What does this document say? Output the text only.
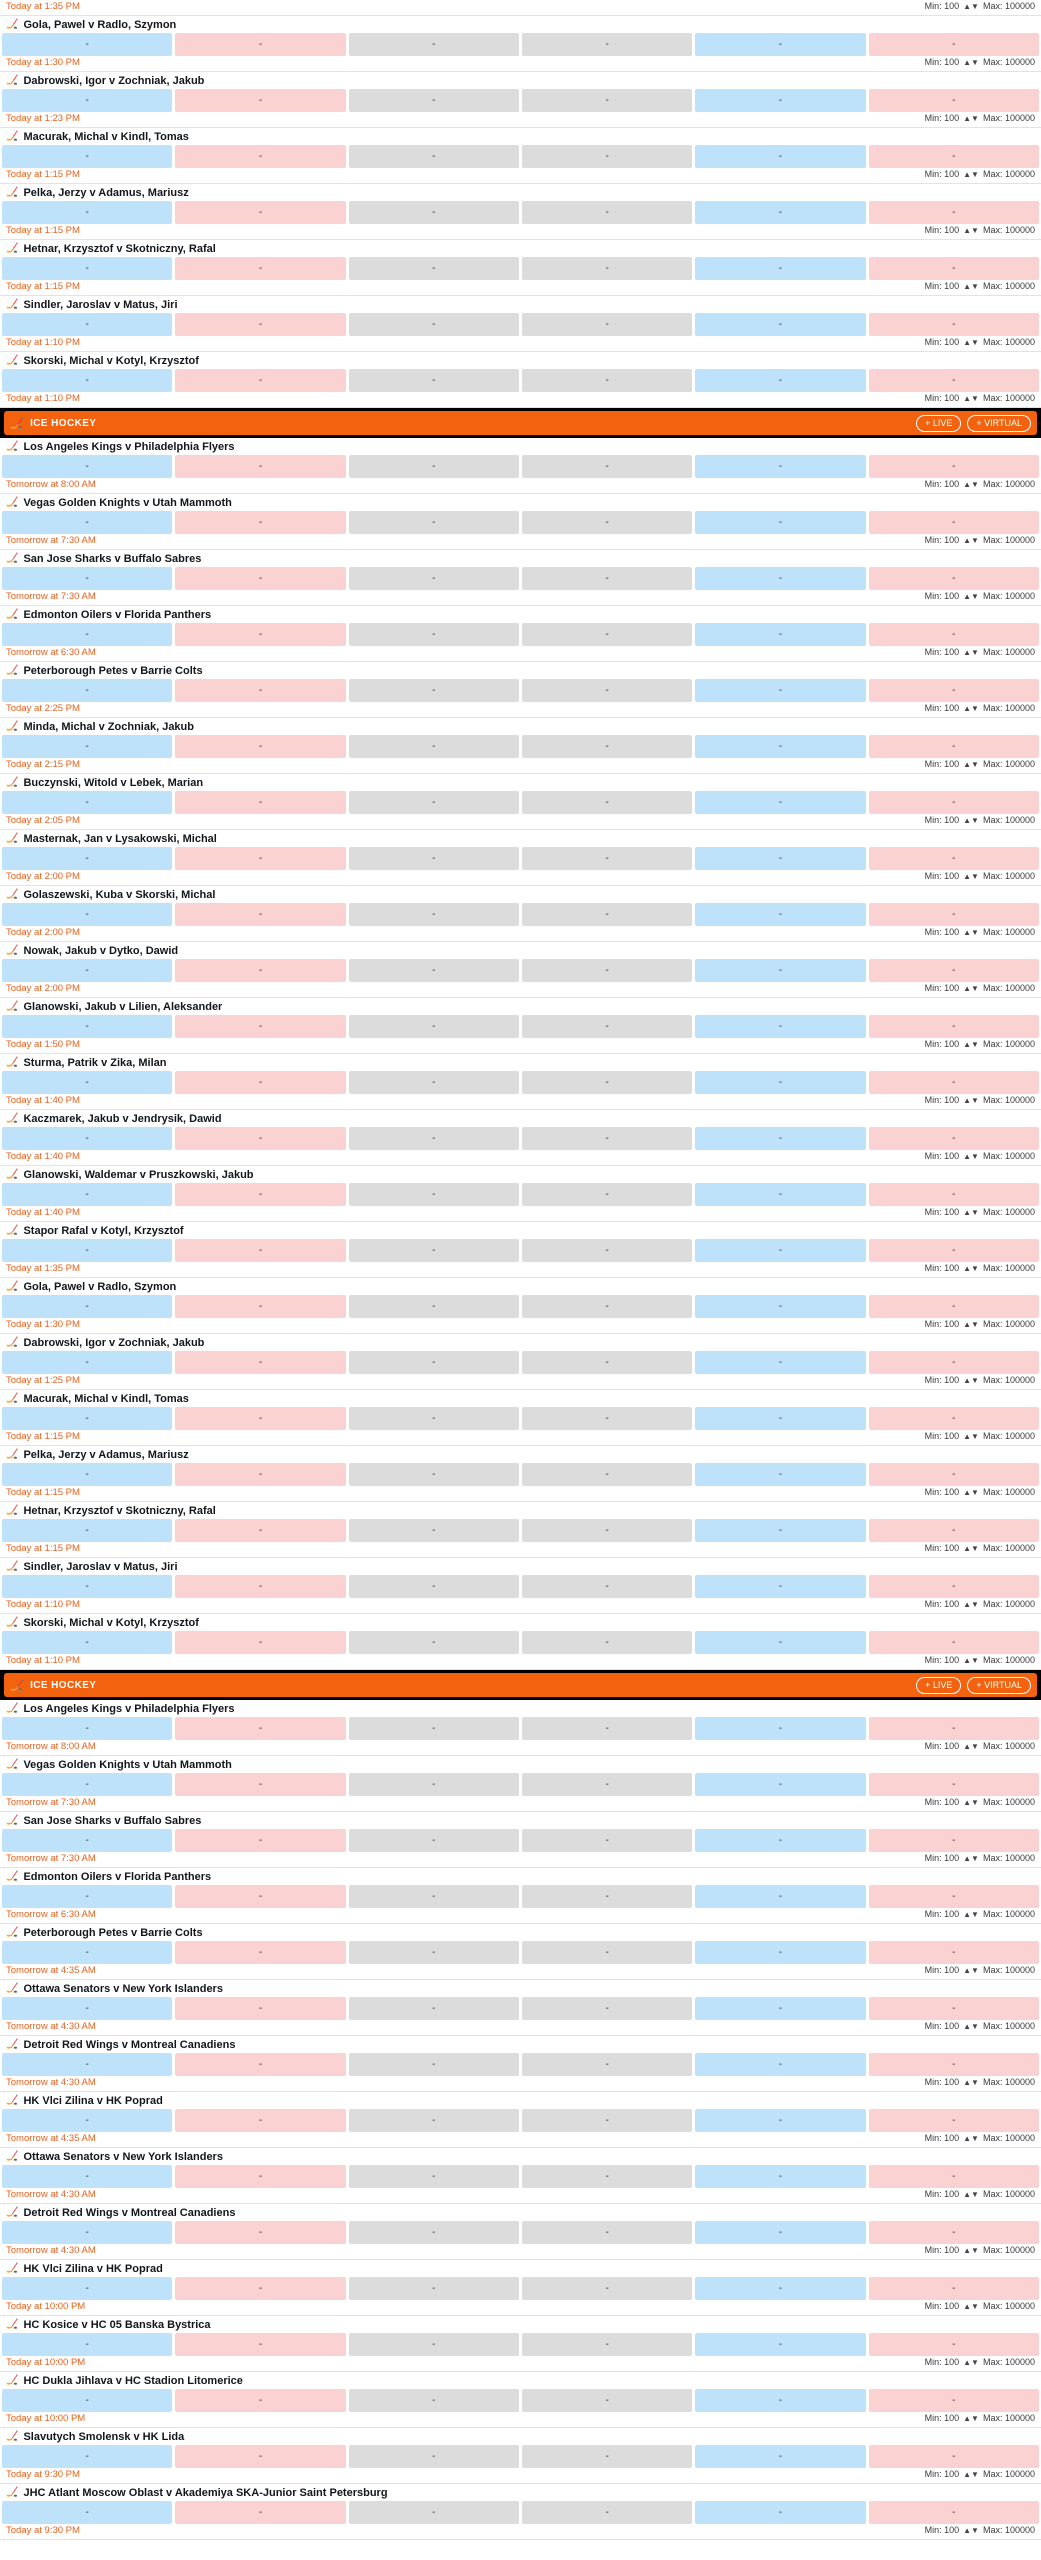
Today at 1:35 PM	Min: 100 ▲▼ Max: 100000
🏒 Gola, Pawel v Radlo, Szymon
-	-	-	-	-	-
Today at 1:30 PM	Min: 100 ▲▼ Max: 100000
🏒 Dabrowski, Igor v Zochniak, Jakub
-	-	-	-	-	-
Today at 1:23 PM	Min: 100 ▲▼ Max: 100000
🏒 Macurak, Michal v Kindl, Tomas
-	-	-	-	-	-
Today at 1:15 PM	Min: 100 ▲▼ Max: 100000
🏒 Pelka, Jerzy v Adamus, Mariusz
-	-	-	-	-	-
Today at 1:15 PM	Min: 100 ▲▼ Max: 100000
🏒 Hetnar, Krzysztof v Skotniczny, Rafal
-	-	-	-	-	-
Today at 1:15 PM	Min: 100 ▲▼ Max: 100000
🏒 Sindler, Jaroslav v Matus, Jiri
-	-	-	-	-	-
Today at 1:10 PM	Min: 100 ▲▼ Max: 100000
🏒 Skorski, Michal v Kotyl, Krzysztof
-	-	-	-	-	-
Today at 1:10 PM	Min: 100 ▲▼ Max: 100000
🏒 ICE HOCKEY	+ LIVE	+ VIRTUAL
🏒 Los Angeles Kings v Philadelphia Flyers
-	-	-	-	-	-
Tomorrow at 8:00 AM	Min: 100 ▲▼ Max: 100000
🏒 Vegas Golden Knights v Utah Mammoth
-	-	-	-	-	-
Tomorrow at 7:30 AM	Min: 100 ▲▼ Max: 100000
🏒 San Jose Sharks v Buffalo Sabres
-	-	-	-	-	-
Tomorrow at 7:30 AM	Min: 100 ▲▼ Max: 100000
🏒 Edmonton Oilers v Florida Panthers
-	-	-	-	-	-
Tomorrow at 6:30 AM	Min: 100 ▲▼ Max: 100000
🏒 Peterborough Petes v Barrie Colts
-	-	-	-	-	-
Today at 2:25 PM	Min: 100 ▲▼ Max: 100000
🏒 Minda, Michal v Zochniak, Jakub
-	-	-	-	-	-
Today at 2:15 PM	Min: 100 ▲▼ Max: 100000
🏒 Buczynski, Witold v Lebek, Marian
-	-	-	-	-	-
Today at 2:05 PM	Min: 100 ▲▼ Max: 100000
🏒 Masternak, Jan v Lysakowski, Michal
-	-	-	-	-	-
Today at 2:00 PM	Min: 100 ▲▼ Max: 100000
🏒 Golaszewski, Kuba v Skorski, Michal
-	-	-	-	-	-
Today at 2:00 PM	Min: 100 ▲▼ Max: 100000
🏒 Nowak, Jakub v Dytko, Dawid
-	-	-	-	-	-
Today at 2:00 PM	Min: 100 ▲▼ Max: 100000
🏒 Glanowski, Jakub v Lilien, Aleksander
-	-	-	-	-	-
Today at 1:50 PM	Min: 100 ▲▼ Max: 100000
🏒 Sturma, Patrik v Zika, Milan
-	-	-	-	-	-
Today at 1:40 PM	Min: 100 ▲▼ Max: 100000
🏒 Kaczmarek, Jakub v Jendrysik, Dawid
-	-	-	-	-	-
Today at 1:40 PM	Min: 100 ▲▼ Max: 100000
🏒 Glanowski, Waldemar v Pruszkowski, Jakub
-	-	-	-	-	-
Today at 1:40 PM	Min: 100 ▲▼ Max: 100000
🏒 Stapor Rafal v Kotyl, Krzysztof
-	-	-	-	-	-
Today at 1:35 PM	Min: 100 ▲▼ Max: 100000
🏒 Gola, Pawel v Radlo, Szymon
-	-	-	-	-	-
Today at 1:30 PM	Min: 100 ▲▼ Max: 100000
🏒 Dabrowski, Igor v Zochniak, Jakub
-	-	-	-	-	-
Today at 1:25 PM	Min: 100 ▲▼ Max: 100000
🏒 Macurak, Michal v Kindl, Tomas
-	-	-	-	-	-
Today at 1:15 PM	Min: 100 ▲▼ Max: 100000
🏒 Pelka, Jerzy v Adamus, Mariusz
-	-	-	-	-	-
Today at 1:15 PM	Min: 100 ▲▼ Max: 100000
🏒 Hetnar, Krzysztof v Skotniczny, Rafal
-	-	-	-	-	-
Today at 1:15 PM	Min: 100 ▲▼ Max: 100000
🏒 Sindler, Jaroslav v Matus, Jiri
-	-	-	-	-	-
Today at 1:10 PM	Min: 100 ▲▼ Max: 100000
🏒 Skorski, Michal v Kotyl, Krzysztof
-	-	-	-	-	-
Today at 1:10 PM	Min: 100 ▲▼ Max: 100000
🏒 ICE HOCKEY	+ LIVE	+ VIRTUAL
🏒 Los Angeles Kings v Philadelphia Flyers
-	-	-	-	-	-
Tomorrow at 8:00 AM	Min: 100 ▲▼ Max: 100000
🏒 Vegas Golden Knights v Utah Mammoth
-	-	-	-	-	-
Tomorrow at 7:30 AM	Min: 100 ▲▼ Max: 100000
🏒 San Jose Sharks v Buffalo Sabres
-	-	-	-	-	-
Tomorrow at 7:30 AM	Min: 100 ▲▼ Max: 100000
🏒 Edmonton Oilers v Florida Panthers
-	-	-	-	-	-
Tomorrow at 6:30 AM	Min: 100 ▲▼ Max: 100000
🏒 Peterborough Petes v Barrie Colts
-	-	-	-	-	-
Tomorrow at 4:35 AM	Min: 100 ▲▼ Max: 100000
🏒 Ottawa Senators v New York Islanders
-	-	-	-	-	-
Tomorrow at 4:30 AM	Min: 100 ▲▼ Max: 100000
🏒 Detroit Red Wings v Montreal Canadiens
-	-	-	-	-	-
Tomorrow at 4:30 AM	Min: 100 ▲▼ Max: 100000
🏒 HK Vlci Zilina v HK Poprad
-	-	-	-	-	-
Tomorrow at 4:35 AM	Min: 100 ▲▼ Max: 100000
🏒 Ottawa Senators v New York Islanders
-	-	-	-	-	-
Tomorrow at 4:30 AM	Min: 100 ▲▼ Max: 100000
🏒 Detroit Red Wings v Montreal Canadiens
-	-	-	-	-	-
Tomorrow at 4:30 AM	Min: 100 ▲▼ Max: 100000
🏒 HK Vlci Zilina v HK Poprad
-	-	-	-	-	-
Today at 10:00 PM	Min: 100 ▲▼ Max: 100000
🏒 HC Kosice v HC 05 Banska Bystrica
-	-	-	-	-	-
Today at 10:00 PM	Min: 100 ▲▼ Max: 100000
🏒 HC Dukla Jihlava v HC Stadion Litomerice
-	-	-	-	-	-
Today at 10:00 PM	Min: 100 ▲▼ Max: 100000
🏒 Slavutych Smolensk v HK Lida
-	-	-	-	-	-
Today at 9:30 PM	Min: 100 ▲▼ Max: 100000
🏒 JHC Atlant Moscow Oblast v Akademiya SKA-Junior Saint Petersburg
-	-	-	-	-	-
Today at 9:30 PM	Min: 100 ▲▼ Max: 100000
